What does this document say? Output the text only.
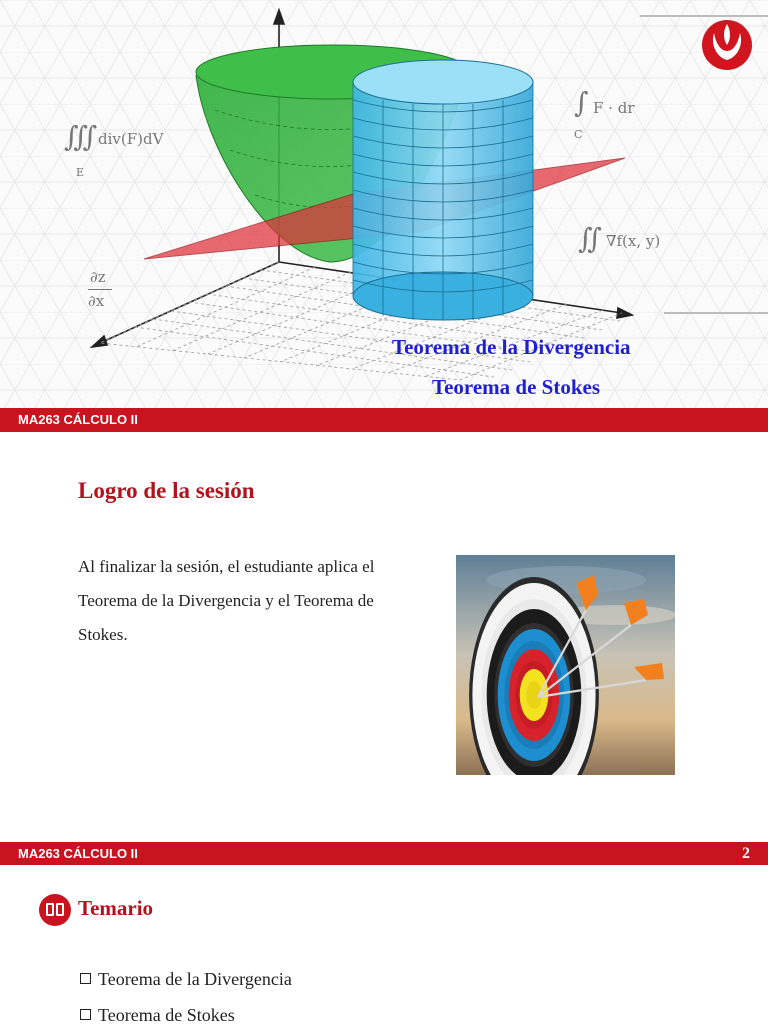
∭
E
div(F)dV
∫
C
F · dr
∬ ∇f(x, y)
∂z
∂x
Teorema de la Divergencia
Teorema de Stokes
MA263 CÁLCULO II
Logro de la sesión

Al finalizar la sesión, el estudiante aplica el Teorema de la Divergencia y el Teorema de Stokes.

MA263 CÁLCULO II	2
Temario
Teorema de la Divergencia
Teorema de Stokes
